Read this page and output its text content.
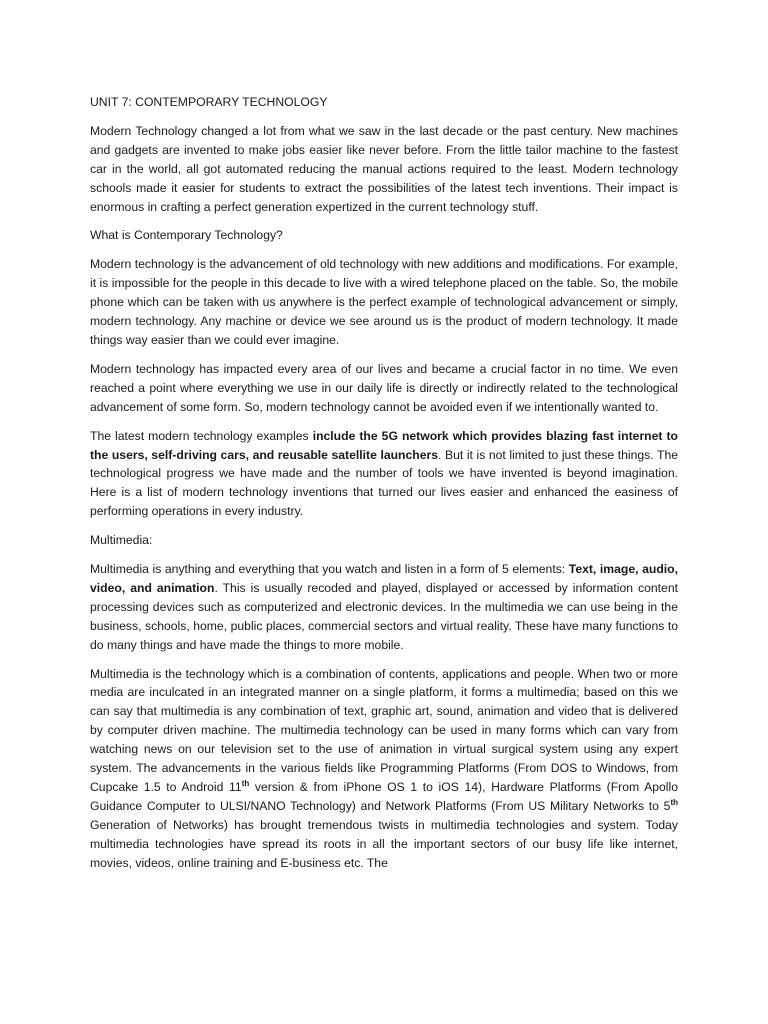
UNIT 7: CONTEMPORARY TECHNOLOGY

Modern Technology changed a lot from what we saw in the last decade or the past century. New machines and gadgets are invented to make jobs easier like never before. From the little tailor machine to the fastest car in the world, all got automated reducing the manual actions required to the least. Modern technology schools made it easier for students to extract the possibilities of the latest tech inventions. Their impact is enormous in crafting a perfect generation expertized in the current technology stuff.

What is Contemporary Technology?

Modern technology is the advancement of old technology with new additions and modifications. For example, it is impossible for the people in this decade to live with a wired telephone placed on the table. So, the mobile phone which can be taken with us anywhere is the perfect example of technological advancement or simply, modern technology. Any machine or device we see around us is the product of modern technology. It made things way easier than we could ever imagine.

Modern technology has impacted every area of our lives and became a crucial factor in no time. We even reached a point where everything we use in our daily life is directly or indirectly related to the technological advancement of some form. So, modern technology cannot be avoided even if we intentionally wanted to.

The latest modern technology examples include the 5G network which provides blazing fast internet to the users, self-driving cars, and reusable satellite launchers. But it is not limited to just these things. The technological progress we have made and the number of tools we have invented is beyond imagination. Here is a list of modern technology inventions that turned our lives easier and enhanced the easiness of performing operations in every industry.

Multimedia:

Multimedia is anything and everything that you watch and listen in a form of 5 elements: Text, image, audio, video, and animation. This is usually recoded and played, displayed or accessed by information content processing devices such as computerized and electronic devices. In the multimedia we can use being in the business, schools, home, public places, commercial sectors and virtual reality. These have many functions to do many things and have made the things to more mobile.

Multimedia is the technology which is a combination of contents, applications and people. When two or more media are inculcated in an integrated manner on a single platform, it forms a multimedia; based on this we can say that multimedia is any combination of text, graphic art, sound, animation and video that is delivered by computer driven machine. The multimedia technology can be used in many forms which can vary from watching news on our television set to the use of animation in virtual surgical system using any expert system. The advancements in the various fields like Programming Platforms (From DOS to Windows, from Cupcake 1.5 to Android 11th version & from iPhone OS 1 to iOS 14), Hardware Platforms (From Apollo Guidance Computer to ULSI/NANO Technology) and Network Platforms (From US Military Networks to 5th Generation of Networks) has brought tremendous twists in multimedia technologies and system. Today multimedia technologies have spread its roots in all the important sectors of our busy life like internet, movies, videos, online training and E-business etc. The
